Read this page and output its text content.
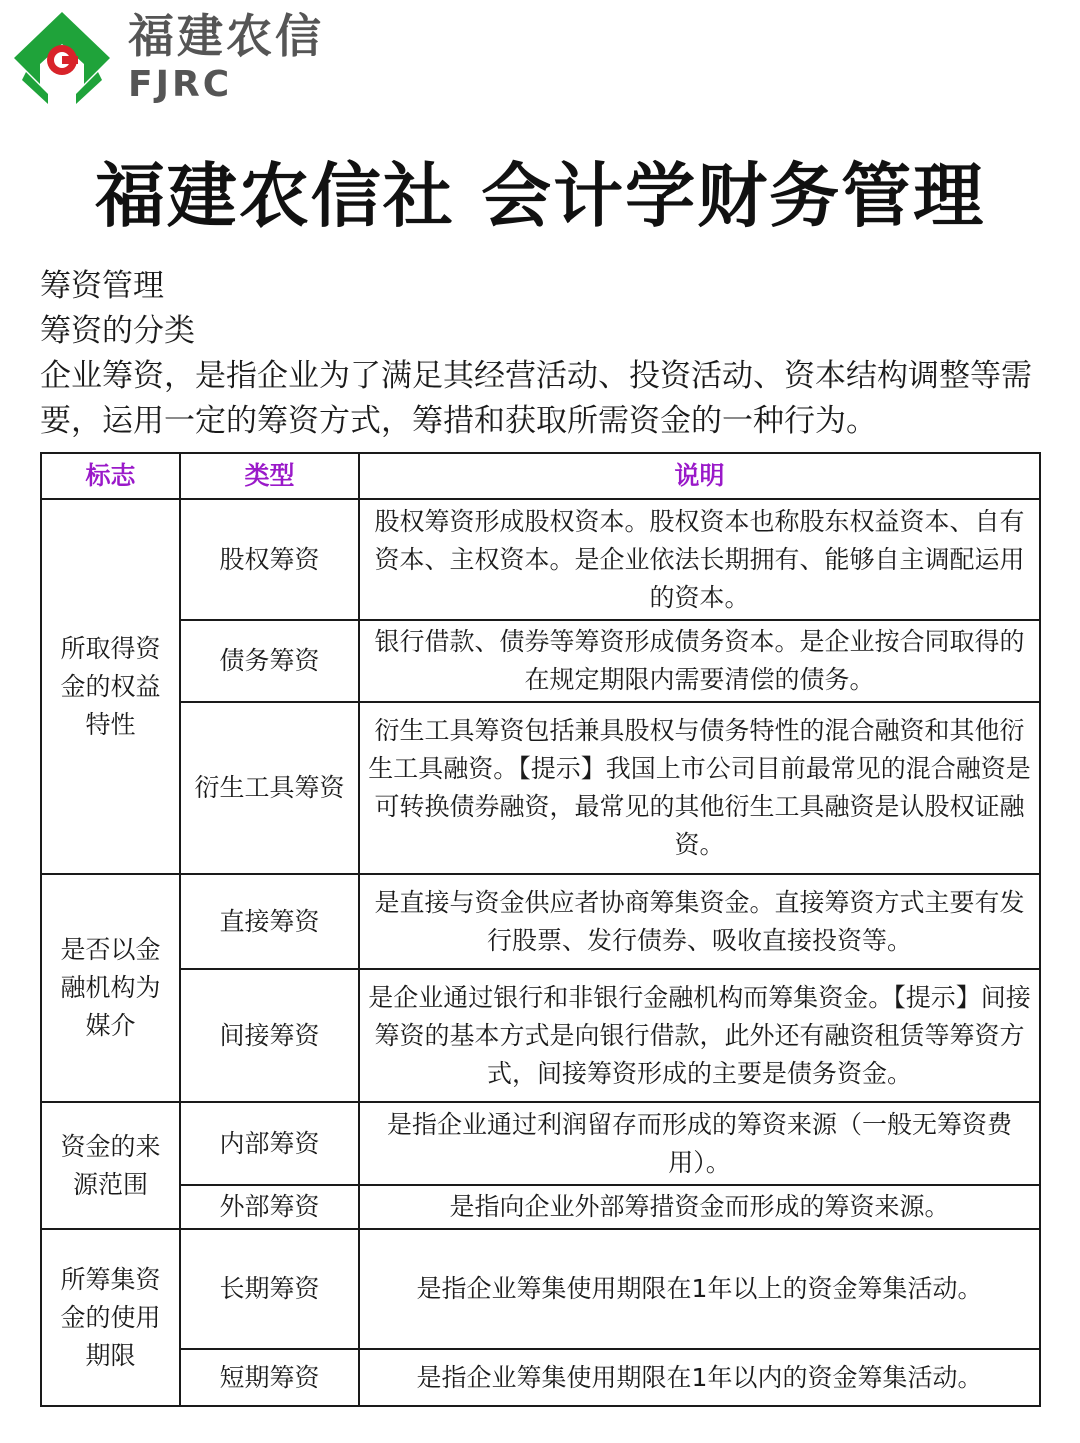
福建农信
FJRC
福建农信社 会计学财务管理

筹资管理

筹资的分类

企业筹资，是指企业为了满足其经营活动、投资活动、资本结构调整等需要，运用一定的筹资方式，筹措和获取所需资金的一种行为。

标志	类型	说明
所取得资金的权益特性	股权筹资	股权筹资形成股权资本。股权资本也称股东权益资本、自有资本、主权资本。是企业依法长期拥有、能够自主调配运用的资本。
	债务筹资	银行借款、债券等筹资形成债务资本。是企业按合同取得的在规定期限内需要清偿的债务。
	衍生工具筹资	衍生工具筹资包括兼具股权与债务特性的混合融资和其他衍生工具融资。【提示】我国上市公司目前最常见的混合融资是可转换债券融资，最常见的其他衍生工具融资是认股权证融资。
是否以金融机构为媒介	直接筹资	是直接与资金供应者协商筹集资金。直接筹资方式主要有发行股票、发行债券、吸收直接投资等。
	间接筹资	是企业通过银行和非银行金融机构而筹集资金。【提示】间接筹资的基本方式是向银行借款，此外还有融资租赁等筹资方式，间接筹资形成的主要是债务资金。
资金的来源范围	内部筹资	是指企业通过利润留存而形成的筹资来源（一般无筹资费用）。
	外部筹资	是指向企业外部筹措资金而形成的筹资来源。
所筹集资金的使用期限	长期筹资	是指企业筹集使用期限在1年以上的资金筹集活动。
	短期筹资	是指企业筹集使用期限在1年以内的资金筹集活动。
